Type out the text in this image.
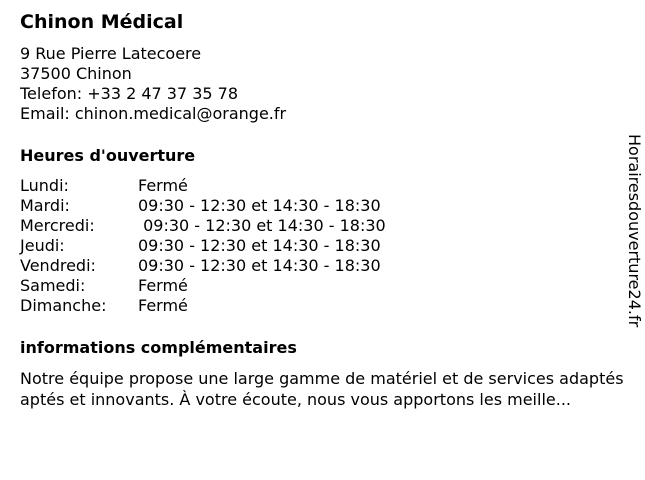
Chinon Médical
9 Rue Pierre Latecoere
37500 Chinon
Telefon: +33 2 47 37 35 78
Email: chinon.medical@orange.fr
Heures d'ouverture
Lundi:	Fermé
Mardi:	09:30 - 12:30 et 14:30 - 18:30
Mercredi:	09:30 - 12:30 et 14:30 - 18:30
Jeudi:	09:30 - 12:30 et 14:30 - 18:30
Vendredi:	09:30 - 12:30 et 14:30 - 18:30
Samedi:	Fermé
Dimanche:	Fermé
informations complémentaires
Notre équipe propose une large gamme de matériel et de services adaptés
aptés et innovants. À votre écoute, nous vous apportons les meille...
Horairesdouverture24.fr
